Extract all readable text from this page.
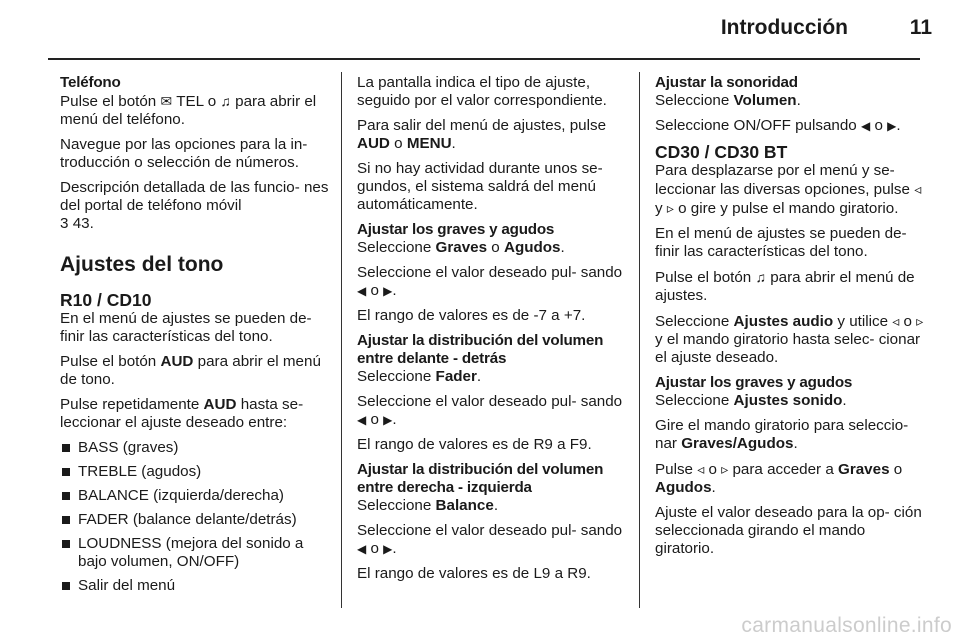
Introducción	11
Teléfono

Pulse el botón ✉ TEL o ♫ para abrir el menú del teléfono.

Navegue por las opciones para la in- troducción o selección de números.

Descripción detallada de las funcio- nes del portal de teléfono móvil
3 43.

Ajustes del tono
R10 / CD10

En el menú de ajustes se pueden de- finir las características del tono.

Pulse el botón AUD para abrir el menú de tono.

Pulse repetidamente AUD hasta se- leccionar el ajuste deseado entre:

BASS (graves)
TREBLE (agudos)
BALANCE (izquierda/derecha)
FADER (balance delante/detrás)
LOUDNESS (mejora del sonido a bajo volumen, ON/OFF)
Salir del menú

La pantalla indica el tipo de ajuste, seguido por el valor correspondiente.

Para salir del menú de ajustes, pulse AUD o MENU.

Si no hay actividad durante unos se- gundos, el sistema saldrá del menú automáticamente.

Ajustar los graves y agudos

Seleccione Graves o Agudos.

Seleccione el valor deseado pul- sando ◀ o ▶.

El rango de valores es de -7 a +7.

Ajustar la distribución del volumen entre delante - detrás

Seleccione Fader.

Seleccione el valor deseado pul- sando ◀ o ▶.

El rango de valores es de R9 a F9.

Ajustar la distribución del volumen entre derecha - izquierda

Seleccione Balance.

Seleccione el valor deseado pul- sando ◀ o ▶.

El rango de valores es de L9 a R9.

Ajustar la sonoridad

Seleccione Volumen.

Seleccione ON/OFF pulsando ◀ o ▶.

CD30 / CD30 BT

Para desplazarse por el menú y se- leccionar las diversas opciones, pulse ◃ y ▹ o gire y pulse el mando giratorio.

En el menú de ajustes se pueden de- finir las características del tono.

Pulse el botón ♫ para abrir el menú de ajustes.

Seleccione Ajustes audio y utilice ◃ o ▹ y el mando giratorio hasta selec- cionar el ajuste deseado.

Ajustar los graves y agudos

Seleccione Ajustes sonido.

Gire el mando giratorio para seleccio- nar Graves/Agudos.

Pulse ◃ o ▹ para acceder a Graves o Agudos.

Ajuste el valor deseado para la op- ción seleccionada girando el mando giratorio.

carmanualsonline.info
